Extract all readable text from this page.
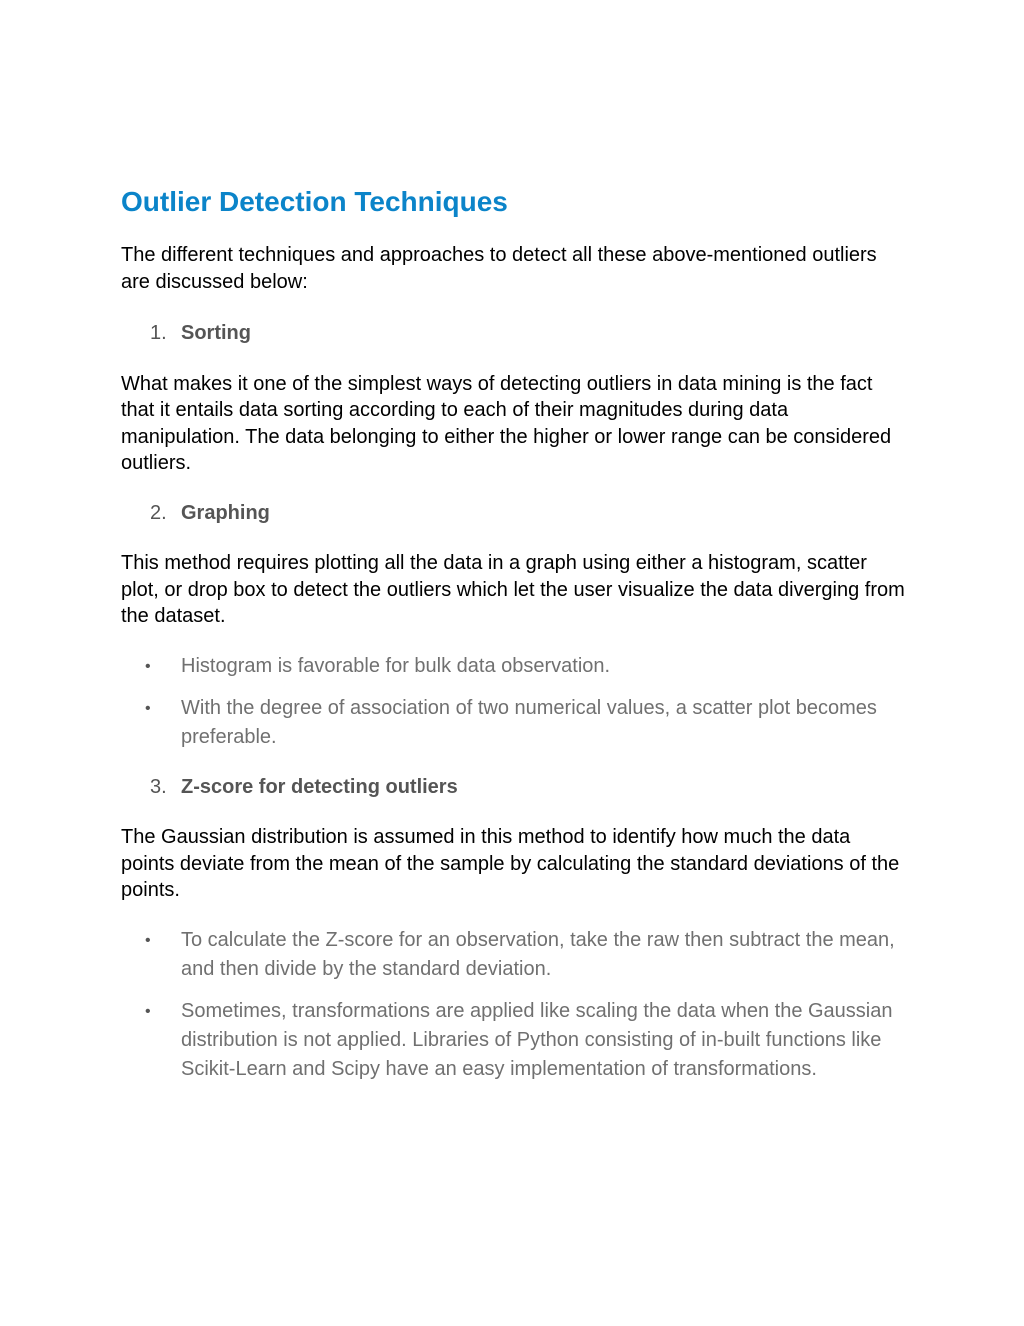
Outlier Detection Techniques

The different techniques and approaches to detect all these above-mentioned outliers are discussed below:

1. Sorting

What makes it one of the simplest ways of detecting outliers in data mining is the fact that it entails data sorting according to each of their magnitudes during data manipulation. The data belonging to either the higher or lower range can be considered outliers.

2. Graphing

This method requires plotting all the data in a graph using either a histogram, scatter plot, or drop box to detect the outliers which let the user visualize the data diverging from the dataset.

• Histogram is favorable for bulk data observation.
• With the degree of association of two numerical values, a scatter plot becomes preferable.
3. Z-score for detecting outliers

The Gaussian distribution is assumed in this method to identify how much the data points deviate from the mean of the sample by calculating the standard deviations of the points.

• To calculate the Z-score for an observation, take the raw then subtract the mean, and then divide by the standard deviation.
• Sometimes, transformations are applied like scaling the data when the Gaussian distribution is not applied. Libraries of Python consisting of in-built functions like Scikit-Learn and Scipy have an easy implementation of transformations.
